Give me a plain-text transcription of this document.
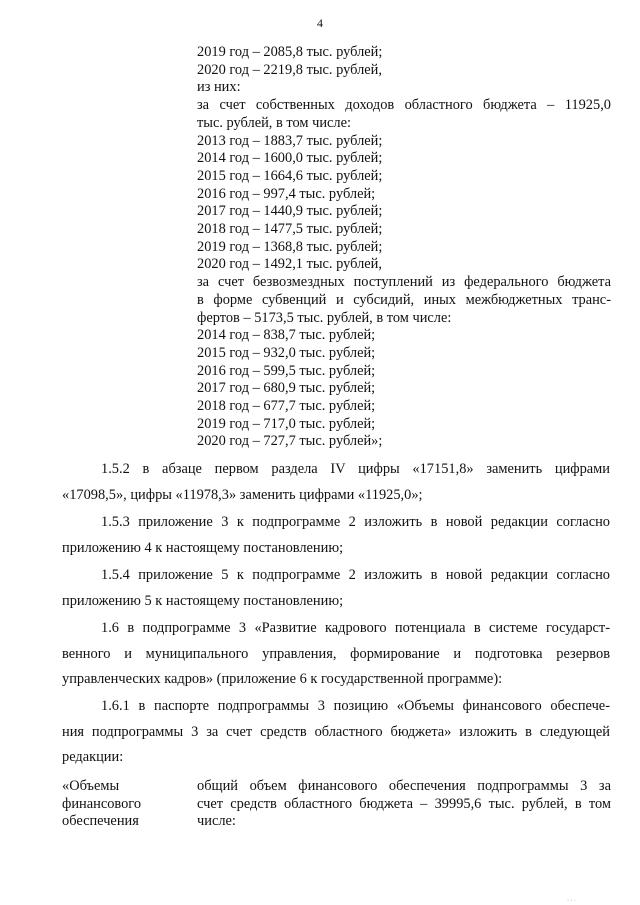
4
2019 год – 2085,8 тыс. рублей;
2020 год – 2219,8 тыс. рублей,
из них:
за счет собственных доходов областного бюджета – 11925,0
тыс. рублей, в том числе:
2013 год – 1883,7 тыс. рублей;
2014 год – 1600,0 тыс. рублей;
2015 год – 1664,6 тыс. рублей;
2016 год – 997,4 тыс. рублей;
2017 год – 1440,9 тыс. рублей;
2018 год – 1477,5 тыс. рублей;
2019 год – 1368,8 тыс. рублей;
2020 год – 1492,1 тыс. рублей,
за счет безвозмездных поступлений из федерального бюджета
в форме субвенций и субсидий, иных межбюджетных транс-
фертов – 5173,5 тыс. рублей, в том числе:
2014 год – 838,7 тыс. рублей;
2015 год – 932,0 тыс. рублей;
2016 год – 599,5 тыс. рублей;
2017 год – 680,9 тыс. рублей;
2018 год – 677,7 тыс. рублей;
2019 год – 717,0 тыс. рублей;
2020 год – 727,7 тыс. рублей»;
1.5.2 в абзаце первом раздела IV цифры «17151,8» заменить цифрами
«17098,5», цифры «11978,3» заменить цифрами «11925,0»;
1.5.3 приложение 3 к подпрограмме 2 изложить в новой редакции согласно
приложению 4 к настоящему постановлению;
1.5.4 приложение 5 к подпрограмме 2 изложить в новой редакции согласно
приложению 5 к настоящему постановлению;
1.6 в подпрограмме 3 «Развитие кадрового потенциала в системе государст-
венного и муниципального управления, формирование и подготовка резервов
управленческих кадров» (приложение 6 к государственной программе):
1.6.1 в паспорте подпрограммы 3 позицию «Объемы финансового обеспече-
ния подпрограммы 3 за счет средств областного бюджета» изложить в следующей
редакции:
«Объемы
финансового
обеспечения
общий объем финансового обеспечения подпрограммы 3 за
счет средств областного бюджета – 39995,6 тыс. рублей, в том
числе:
· · ·
